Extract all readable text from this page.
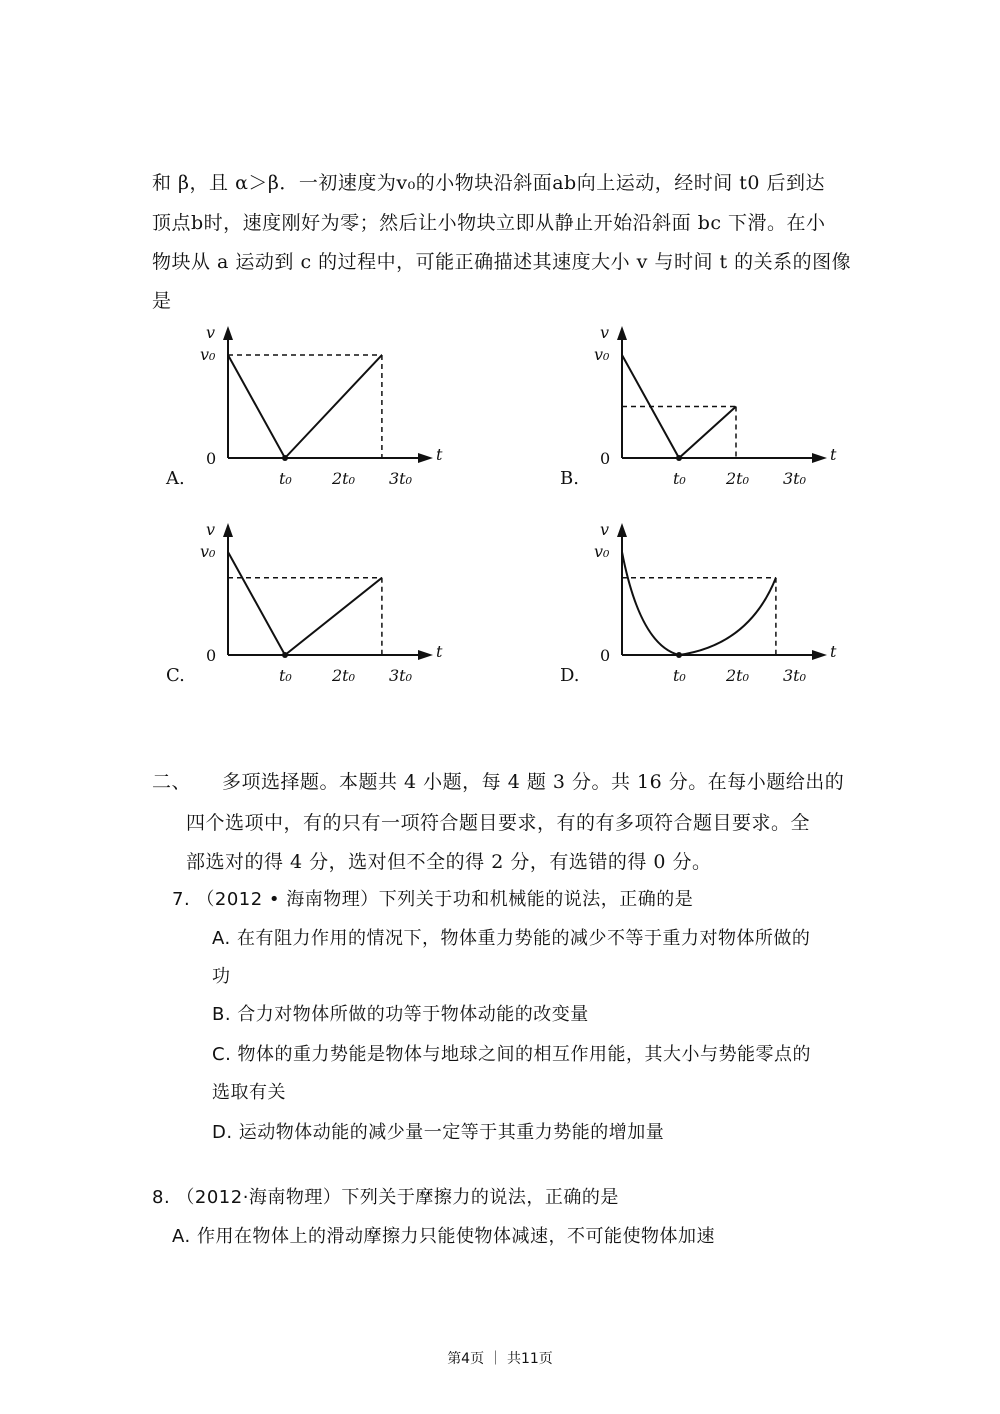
和 β，且 α＞β．一初速度为v₀的小物块沿斜面ab向上运动，经时间 t0 后到达
顶点b时，速度刚好为零；然后让小物块立即从静止开始沿斜面 bc 下滑。在小
物块从 a 运动到 c 的过程中，可能正确描述其速度大小 v 与时间 t 的关系的图像
是
v
v₀
0	t
t₀	2t₀ 3t₀
A.
v
v₀
0	t
t₀	2t₀ 3t₀
B.
v
v₀
0	t
t₀	2t₀ 3t₀
C.
v
v₀
0	t
t₀	2t₀ 3t₀
D.
二、 多项选择题。本题共 4 小题，每 4 题 3 分。共 16 分。在每小题给出的
四个选项中，有的只有一项符合题目要求，有的有多项符合题目要求。全
部选对的得 4 分，选对但不全的得 2 分，有选错的得 0 分。
7. （2012 • 海南物理）下列关于功和机械能的说法，正确的是
A. 在有阻力作用的情况下，物体重力势能的减少不等于重力对物体所做的
功
B. 合力对物体所做的功等于物体动能的改变量
C. 物体的重力势能是物体与地球之间的相互作用能，其大小与势能零点的
选取有关
D. 运动物体动能的减少量一定等于其重力势能的增加量
8. （2012·海南物理）下列关于摩擦力的说法，正确的是
A. 作用在物体上的滑动摩擦力只能使物体减速，不可能使物体加速
第4页 ｜ 共11页
